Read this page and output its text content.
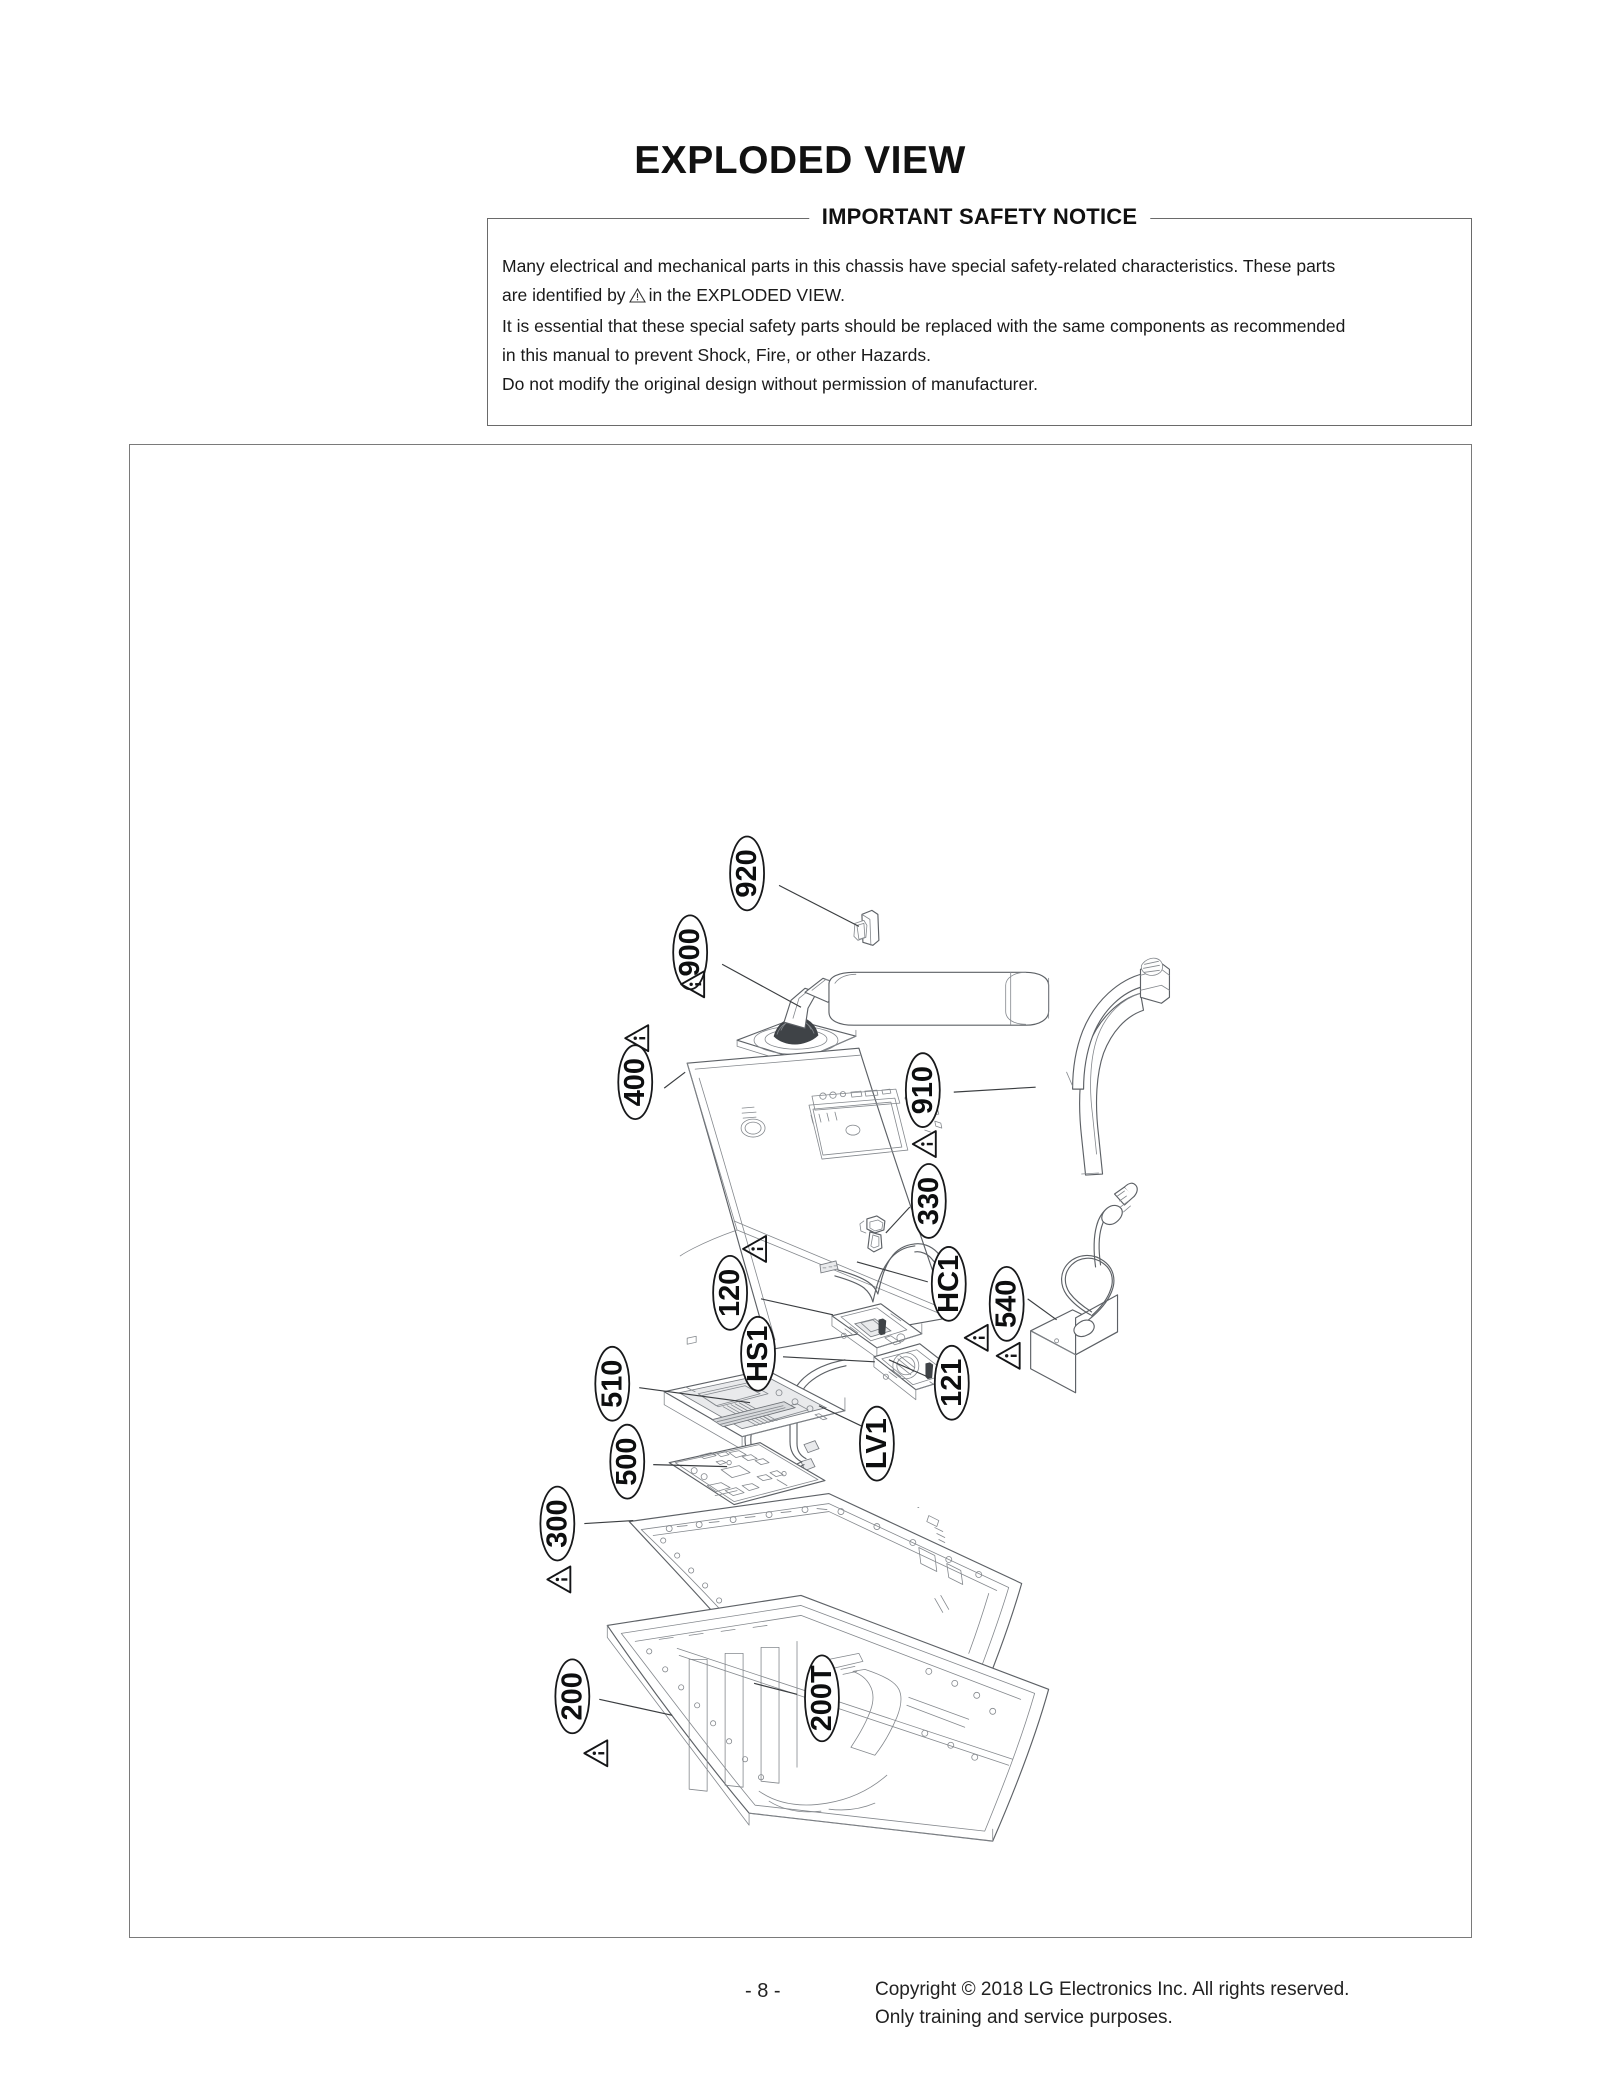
EXPLODED VIEW
IMPORTANT SAFETY NOTICE

Many electrical and mechanical parts in this chassis have special safety-related characteristics. These parts

are identified by in the EXPLODED VIEW.

It is essential that these special safety parts should be replaced with the same components as recommended

in this manual to prevent Shock, Fire, or other Hazards.

Do not modify the original design without permission of manufacturer.

920
900
400	910
330
120	HC1 540
HS1
121
510
LV1
500
300
200	200T
- 8 -	Copyright © 2018 LG Electronics Inc. All rights reserved.
Only training and service purposes.
